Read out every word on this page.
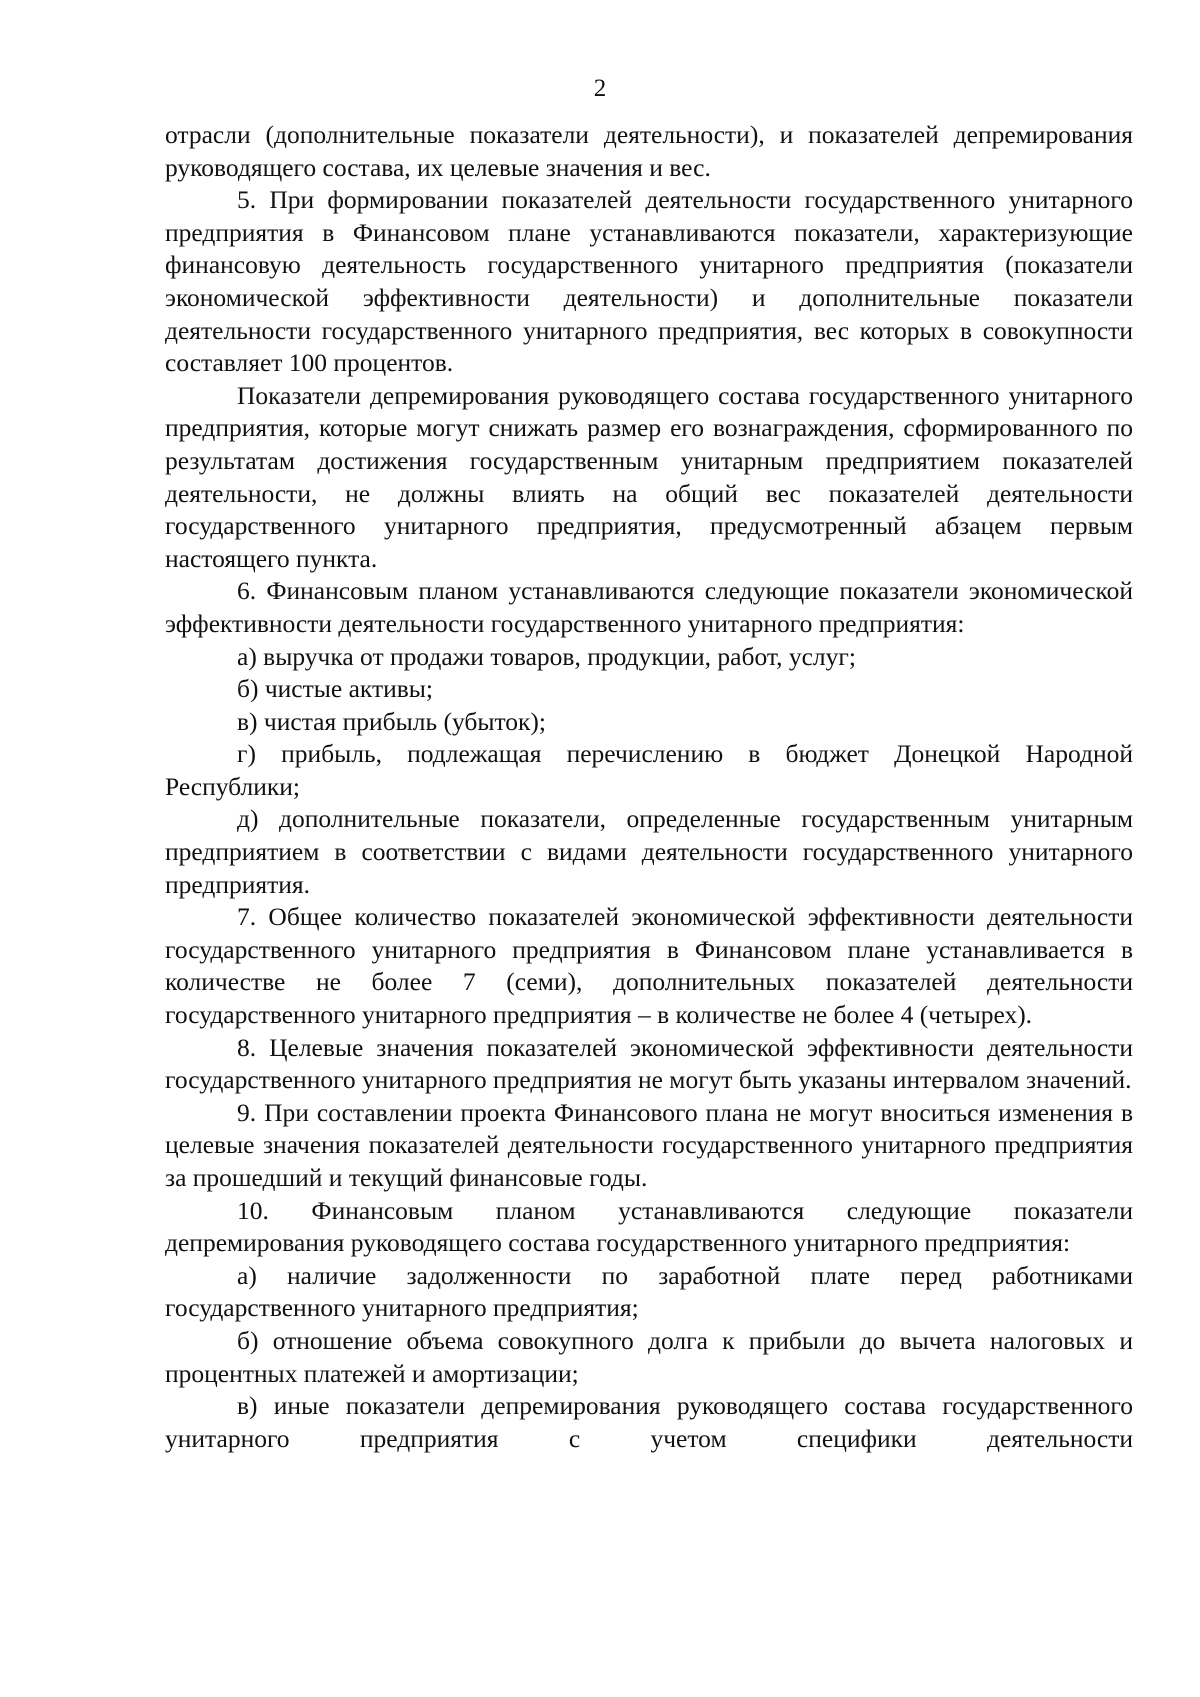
2

отрасли (дополнительные показатели деятельности), и показателей депремирования руководящего состава, их целевые значения и вес.

5. При формировании показателей деятельности государственного унитарного предприятия в Финансовом плане устанавливаются показатели, характеризующие финансовую деятельность государственного унитарного предприятия (показатели экономической эффективности деятельности) и дополнительные показатели деятельности государственного унитарного предприятия, вес которых в совокупности составляет 100 процентов.

Показатели депремирования руководящего состава государственного унитарного предприятия, которые могут снижать размер его вознаграждения, сформированного по результатам достижения государственным унитарным предприятием показателей деятельности, не должны влиять на общий вес показателей деятельности государственного унитарного предприятия, предусмотренный абзацем первым настоящего пункта.

6. Финансовым планом устанавливаются следующие показатели экономической эффективности деятельности государственного унитарного предприятия:

а) выручка от продажи товаров, продукции, работ, услуг;

б) чистые активы;

в) чистая прибыль (убыток);

г) прибыль, подлежащая перечислению в бюджет Донецкой Народной Республики;

д) дополнительные показатели, определенные государственным унитарным предприятием в соответствии с видами деятельности государственного унитарного предприятия.

7. Общее количество показателей экономической эффективности деятельности государственного унитарного предприятия в Финансовом плане устанавливается в количестве не более 7 (семи), дополнительных показателей деятельности государственного унитарного предприятия – в количестве не более 4 (четырех).

8. Целевые значения показателей экономической эффективности деятельности государственного унитарного предприятия не могут быть указаны интервалом значений.

9. При составлении проекта Финансового плана не могут вноситься изменения в целевые значения показателей деятельности государственного унитарного предприятия за прошедший и текущий финансовые годы.

10. Финансовым планом устанавливаются следующие показатели депремирования руководящего состава государственного унитарного предприятия:

а) наличие задолженности по заработной плате перед работниками государственного унитарного предприятия;

б) отношение объема совокупного долга к прибыли до вычета налоговых и процентных платежей и амортизации;

в) иные показатели депремирования руководящего состава государственного унитарного предприятия с учетом специфики деятельности
